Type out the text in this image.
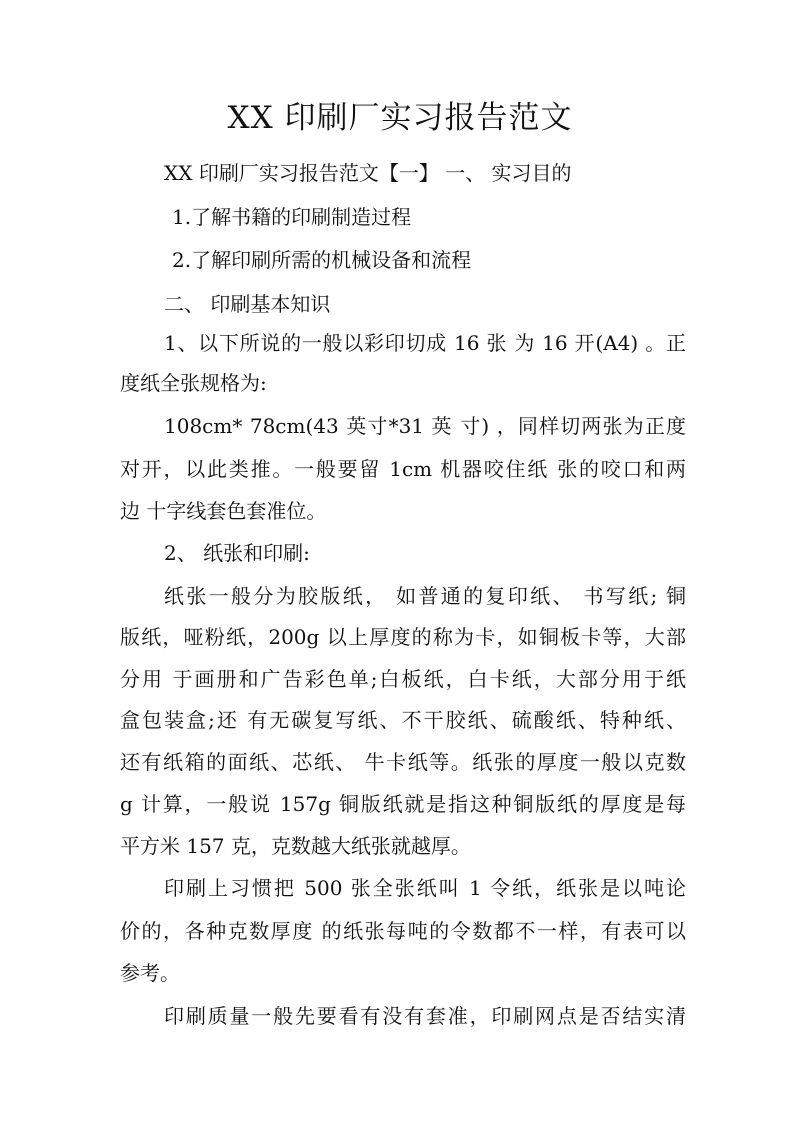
XX 印刷厂实习报告范文

XX 印刷厂实习报告范文【一】 一、 实习目的

1.了解书籍的印刷制造过程

2.了解印刷所需的机械设备和流程

二、 印刷基本知识

1、以下所说的一般以彩印切成 16 张 为 16 开(A4) 。正

度纸全张规格为:

108cm* 78cm(43 英寸*31 英 寸) ，同样切两张为正度

对开，以此类推。一般要留 1cm 机器咬住纸 张的咬口和两

边 十字线套色套准位。

2、 纸张和印刷:

纸张一般分为胶版纸， 如普通的复印纸、 书写纸; 铜

版纸，哑粉纸，200g 以上厚度的称为卡，如铜板卡等，大部

分用 于画册和广告彩色单;白板纸，白卡纸，大部分用于纸

盒包装盒;还 有无碳复写纸、不干胶纸、硫酸纸、特种纸、

还有纸箱的面纸、芯纸、 牛卡纸等。纸张的厚度一般以克数

g 计算，一般说 157g 铜版纸就是指这种铜版纸的厚度是每

平方米 157 克，克数越大纸张就越厚。

印刷上习惯把 500 张全张纸叫 1 令纸，纸张是以吨论

价的，各种克数厚度 的纸张每吨的令数都不一样，有表可以

参考。

印刷质量一般先要看有没有套准，印刷网点是否结实清
